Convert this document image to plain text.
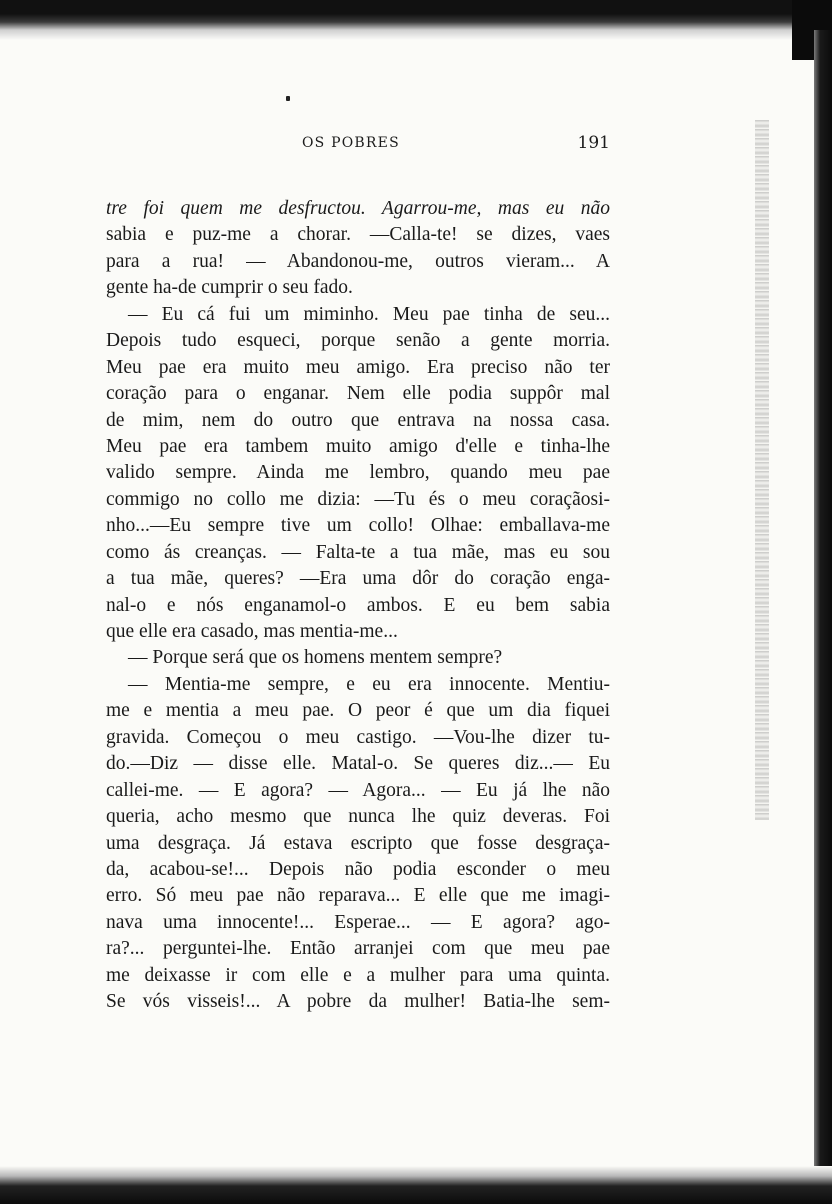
OS POBRES	191
tre foi quem me desfructou. Agarrou-me, mas eu não
sabia e puz-me a chorar. —Calla-te! se dizes, vaes
para a rua! — Abandonou-me, outros vieram... A
gente ha-de cumprir o seu fado.
— Eu cá fui um miminho. Meu pae tinha de seu...
Depois tudo esqueci, porque senão a gente morria.
Meu pae era muito meu amigo. Era preciso não ter
coração para o enganar. Nem elle podia suppôr mal
de mim, nem do outro que entrava na nossa casa.
Meu pae era tambem muito amigo d'elle e tinha-lhe
valido sempre. Ainda me lembro, quando meu pae
commigo no collo me dizia: —Tu és o meu coraçãosi-
nho...—Eu sempre tive um collo! Olhae: emballava-me
como ás creanças. — Falta-te a tua mãe, mas eu sou
a tua mãe, queres? —Era uma dôr do coração enga-
nal-o e nós enganamol-o ambos. E eu bem sabia
que elle era casado, mas mentia-me...
— Porque será que os homens mentem sempre?
— Mentia-me sempre, e eu era innocente. Mentiu-
me e mentia a meu pae. O peor é que um dia fiquei
gravida. Começou o meu castigo. —Vou-lhe dizer tu-
do.—Diz — disse elle. Matal-o. Se queres diz...— Eu
callei-me. — E agora? — Agora... — Eu já lhe não
queria, acho mesmo que nunca lhe quiz deveras. Foi
uma desgraça. Já estava escripto que fosse desgraça-
da, acabou-se!... Depois não podia esconder o meu
erro. Só meu pae não reparava... E elle que me imagi-
nava uma innocente!... Esperae... — E agora? ago-
ra?... perguntei-lhe. Então arranjei com que meu pae
me deixasse ir com elle e a mulher para uma quinta.
Se vós visseis!... A pobre da mulher! Batia-lhe sem-
